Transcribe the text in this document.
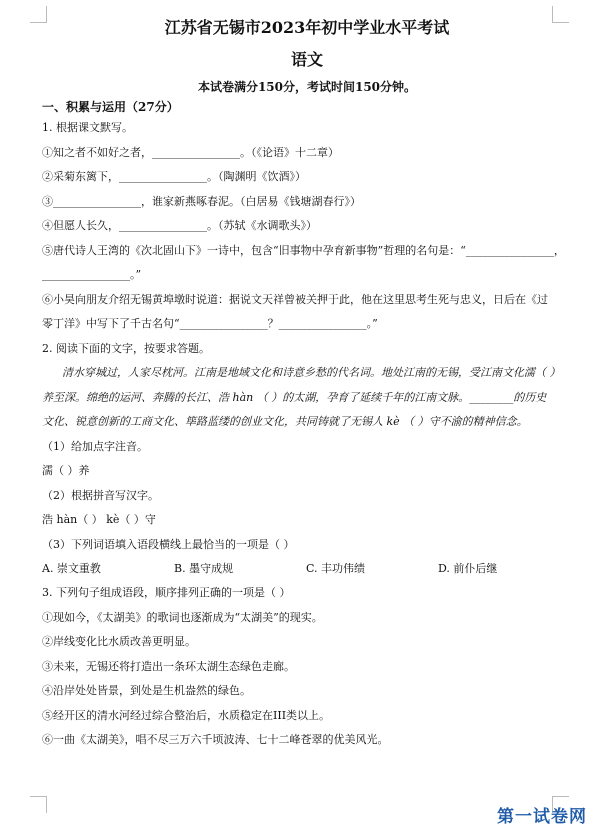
江苏省无锡市2023年初中学业水平考试
语文
本试卷满分150分，考试时间150分钟。
一、积累与运用（27分）
1. 根据课文默写。
①知之者不如好之者，________________。（《论语》十二章）
②采菊东篱下，________________。（陶渊明《饮酒》）
③________________，谁家新燕啄春泥。（白居易《钱塘湖春行》）
④但愿人长久，________________。（苏轼《水调歌头》）
⑤唐代诗人王湾的《次北固山下》一诗中，包含“旧事物中孕育新事物”哲理的名句是：“________________，
________________。”
⑥小昊向朋友介绍无锡黄埠墩时说道：据说文天祥曾被关押于此，他在这里思考生死与忠义，日后在《过
零丁洋》中写下了千古名句“________________？________________。”
2. 阅读下面的文字，按要求答题。
清水穿城过，人家尽枕河。江南是地域文化和诗意乡愁的代名词。地处江南的无锡，受江南文化濡（ ）
养至深。绵绝的运河、奔腾的长江、浩 hàn （ ）的太湖，孕育了延续千年的江南文脉。________的历史
文化、锐意创新的工商文化、筚路蓝缕的创业文化，共同铸就了无锡人 kè （ ）守不渝的精神信念。
（1）给加点字注音。
濡（ ）养
（2）根据拼音写汉字。
浩 hàn（ ） kè（ ）守
（3）下列词语填入语段横线上最恰当的一项是（ ）
A. 崇文重教	B. 墨守成规	C. 丰功伟绩	D. 前仆后继
3. 下列句子组成语段，顺序排列正确的一项是（ ）
①现如今，《太湖美》的歌词也逐渐成为“太湖美”的现实。
②岸线变化比水质改善更明显。
③未来，无锡还将打造出一条环太湖生态绿色走廊。
④沿岸处处皆景，到处是生机盎然的绿色。
⑤经开区的清水河经过综合整治后，水质稳定在III类以上。
⑥一曲《太湖美》，唱不尽三万六千顷波涛、七十二峰苍翠的优美风光。
第一试卷网
